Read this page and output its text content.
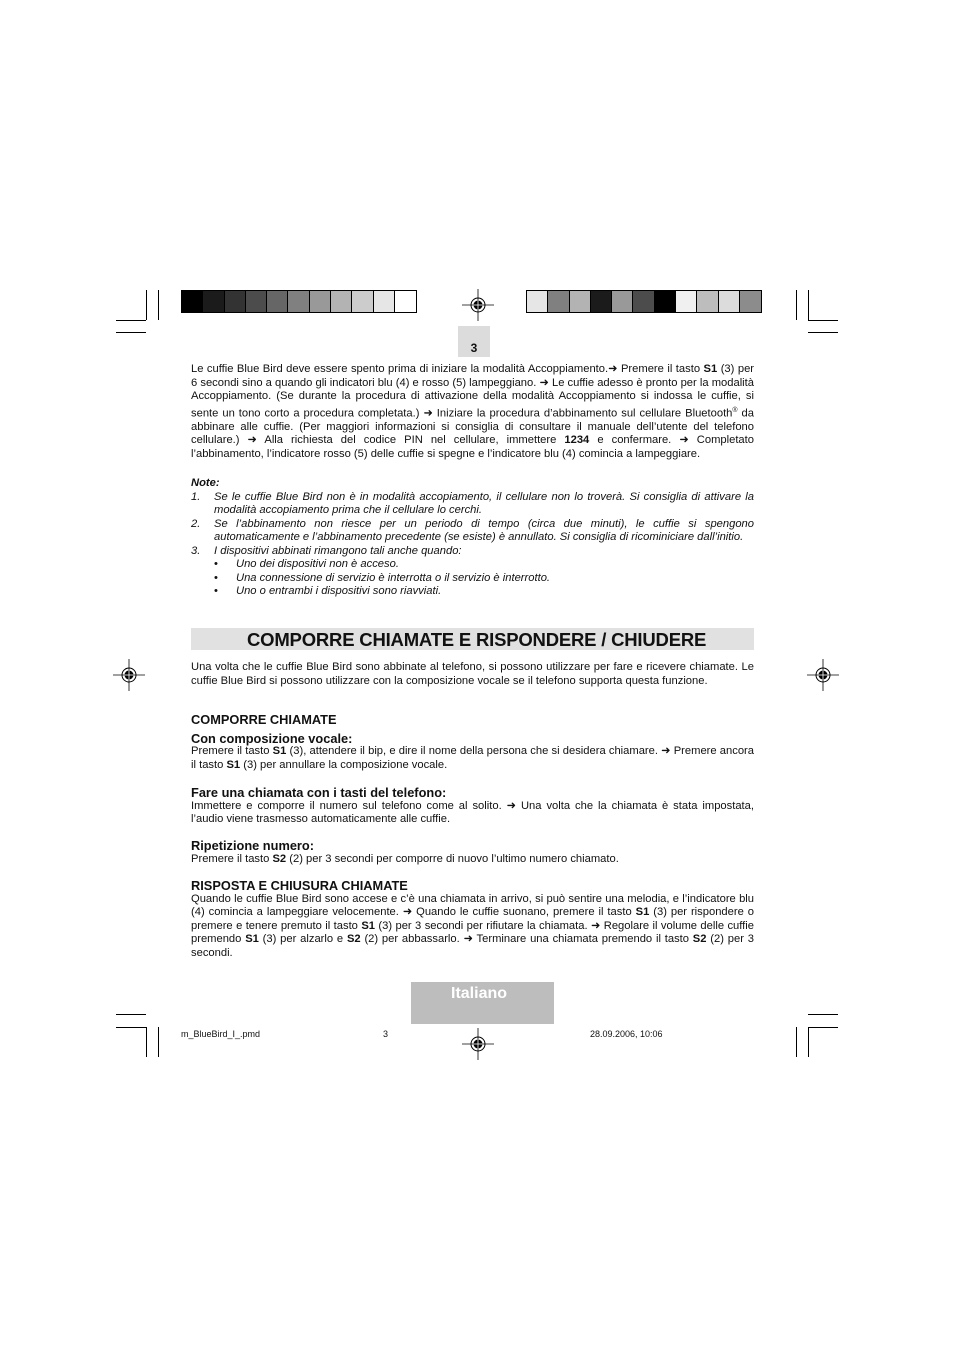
3

Le cuffie Blue Bird deve essere spento prima di iniziare la modalità Accoppiamento.➜ Premere il tasto S1 (3) per 6 secondi sino a quando gli indicatori blu (4) e rosso (5) lampeggiano. ➜ Le cuffie adesso è pronto per la modalità Accoppiamento. (Se durante la procedura di attivazione della modalità Accoppiamento si indossa le cuffie, si sente un tono corto a procedura completata.) ➜ Iniziare la procedura d’abbinamento sul cellulare Bluetooth® da abbinare alle cuffie. (Per maggiori informazioni si consiglia di consultare il manuale dell’utente del telefono cellulare.) ➜ Alla richiesta del codice PIN nel cellulare, immettere 1234 e confermare. ➜ Completato l’abbinamento, l’indicatore rosso (5) delle cuffie si spegne e l’indicatore blu (4) comincia a lampeggiare.

Note:
1. Se le cuffie Blue Bird non è in modalità accopiamento, il cellulare non lo troverà. Si consiglia di attivare la modalità accopiamento prima che il cellulare lo cerchi.
2. Se l’abbinamento non riesce per un periodo di tempo (circa due minuti), le cuffie si spengono automaticamente e l’abbinamento precedente (se esiste) è annullato. Si consiglia di ricominiciare dall’initio.
3. I dispositivi abbinati rimangono tali anche quando:
• Uno dei dispositivi non è acceso.
• Una connessione di servizio è interrotta o il servizio è interrotto.
• Uno o entrambi i dispositivi sono riavviati.
COMPORRE CHIAMATE E RISPONDERE / CHIUDERE

Una volta che le cuffie Blue Bird sono abbinate al telefono, si possono utilizzare per fare e ricevere chiamate. Le cuffie Blue Bird si possono utilizzare con la composizione vocale se il telefono supporta questa funzione.

COMPORRE CHIAMATE
Con composizione vocale:

Premere il tasto S1 (3), attendere il bip, e dire il nome della persona che si desidera chiamare. ➜ Premere ancora il tasto S1 (3) per annullare la composizione vocale.

Fare una chiamata con i tasti del telefono:

Immettere e comporre il numero sul telefono come al solito. ➜ Una volta che la chiamata è stata impostata, l’audio viene trasmesso automaticamente alle cuffie.

Ripetizione numero:

Premere il tasto S2 (2) per 3 secondi per comporre di nuovo l’ultimo numero chiamato.

RISPOSTA E CHIUSURA CHIAMATE

Quando le cuffie Blue Bird sono accese e c’è una chiamata in arrivo, si può sentire una melodia, e l’indicatore blu (4) comincia a lampeggiare velocemente. ➜ Quando le cuffie suonano, premere il tasto S1 (3) per rispondere o premere e tenere premuto il tasto S1 (3) per 3 secondi per rifiutare la chiamata. ➜ Regolare il volume delle cuffie premendo S1 (3) per alzarlo e S2 (2) per abbassarlo. ➜ Terminare una chiamata premendo il tasto S2 (2) per 3 secondi.

Italiano
m_BlueBird_I_.pmd	3	28.09.2006, 10:06
